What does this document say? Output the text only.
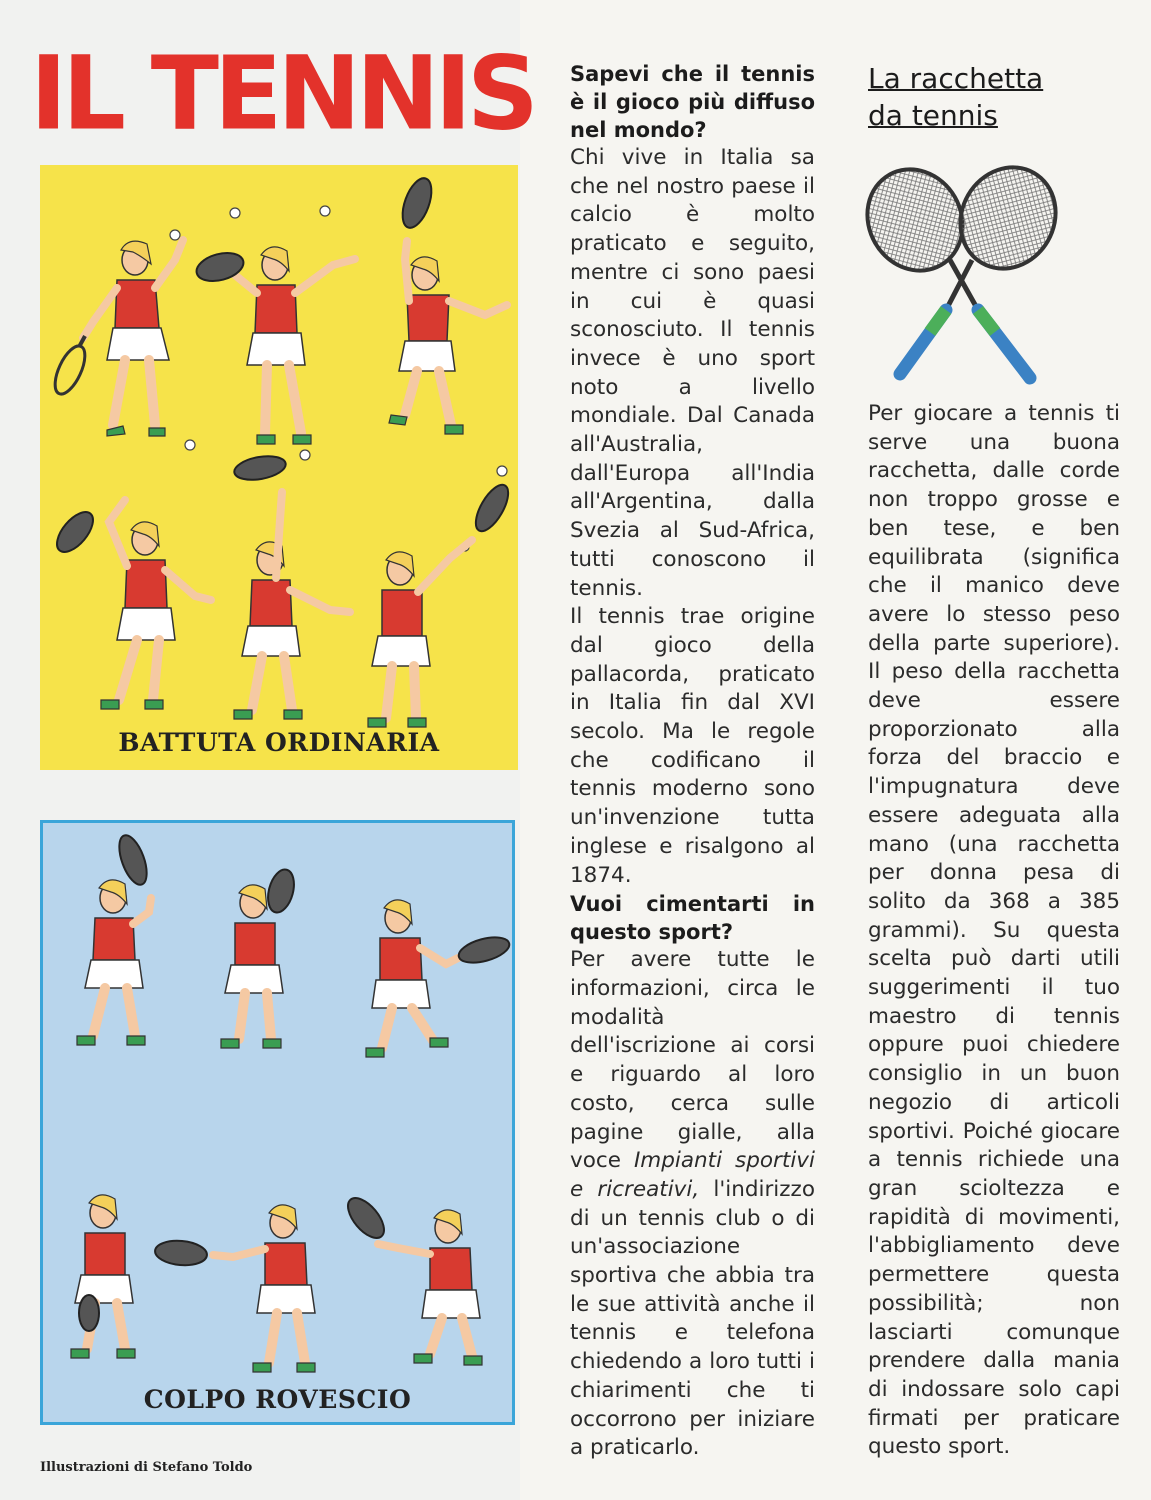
IL TENNIS
BATTUTA ORDINARIA
COLPO ROVESCIO
Sapevi che il tennis è il gioco più diffuso nel mondo?

Chi vive in Italia sa che nel nostro paese il calcio è molto praticato e seguito, mentre ci sono paesi in cui è quasi sconosciuto. Il tennis invece è uno sport noto a livello mondiale. Dal Canada all'Australia, dall'Europa all'India all'Argentina, dalla Svezia al Sud-Africa, tutti conoscono il tennis.

Il tennis trae origine dal gioco della pallacorda, praticato in Italia fin dal XVI secolo. Ma le regole che codificano il tennis moderno sono un'invenzione tutta inglese e risalgono al 1874.

Vuoi cimentarti in questo sport?

Per avere tutte le informazioni, circa le modalità dell'iscrizione ai corsi e riguardo al loro costo, cerca sulle pagine gialle, alla voce Impianti sportivi e ricreativi, l'indirizzo di un tennis club o di un'associazione sportiva che abbia tra le sue attività anche il tennis e telefona chiedendo a loro tutti i chiarimenti che ti occorrono per iniziare a praticarlo.

La racchetta da tennis

Per giocare a tennis ti serve una buona racchetta, dalle corde non troppo grosse e ben tese, e ben equilibrata (significa che il manico deve avere lo stesso peso della parte superiore). Il peso della racchetta deve essere proporzionato alla forza del braccio e l'impugnatura deve essere adeguata alla mano (una racchetta per donna pesa di solito da 368 a 385 grammi). Su questa scelta può darti utili suggerimenti il tuo maestro di tennis oppure puoi chiedere consiglio in un buon negozio di articoli sportivi. Poiché giocare a tennis richiede una gran scioltezza e rapidità di movimenti, l'abbigliamento deve permettere questa possibilità; non lasciarti comunque prendere dalla mania di indossare solo capi firmati per praticare questo sport.

Illustrazioni di Stefano Toldo
